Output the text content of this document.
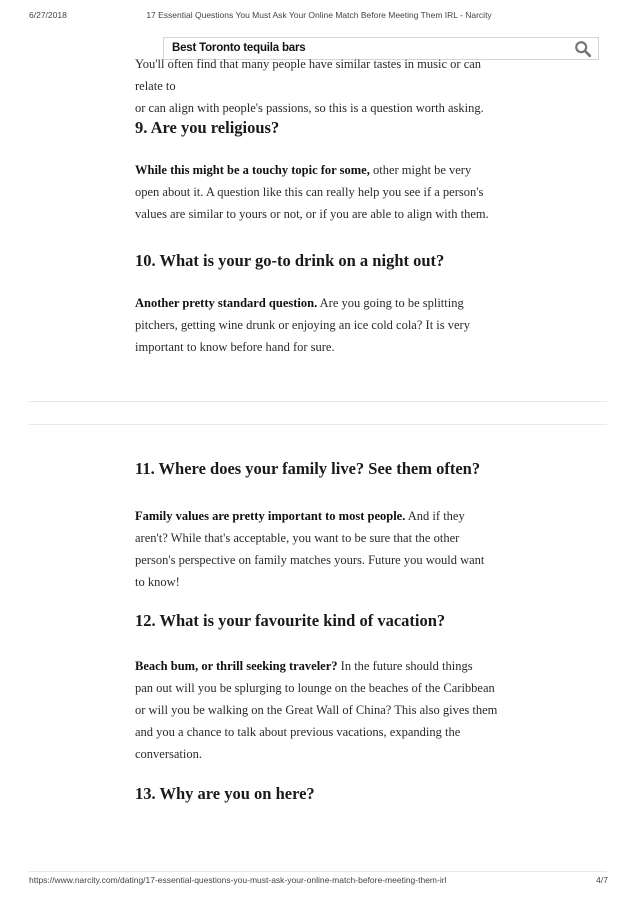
6/27/2018	17 Essential Questions You Must Ask Your Online Match Before Meeting Them IRL - Narcity
Best Toronto tequila bars
You'll often find that many people have similar tastes in music or can relate to
or can align with people's passions, so this is a question worth asking.
9. Are you religious?
While this might be a touchy topic for some, other might be very
open about it. A question like this can really help you see if a person's
values are similar to yours or not, or if you are able to align with them.
10. What is your go-to drink on a night out?
Another pretty standard question. Are you going to be splitting
pitchers, getting wine drunk or enjoying an ice cold cola? It is very
important to know before hand for sure.
11. Where does your family live? See them often?
Family values are pretty important to most people. And if they
aren't? While that's acceptable, you want to be sure that the other
person's perspective on family matches yours. Future you would want
to know!
12. What is your favourite kind of vacation?
Beach bum, or thrill seeking traveler? In the future should things
pan out will you be splurging to lounge on the beaches of the Caribbean
or will you be walking on the Great Wall of China? This also gives them
and you a chance to talk about previous vacations, expanding the
conversation.
13. Why are you on here?
https://www.narcity.com/dating/17-essential-questions-you-must-ask-your-online-match-before-meeting-them-irl	4/7
